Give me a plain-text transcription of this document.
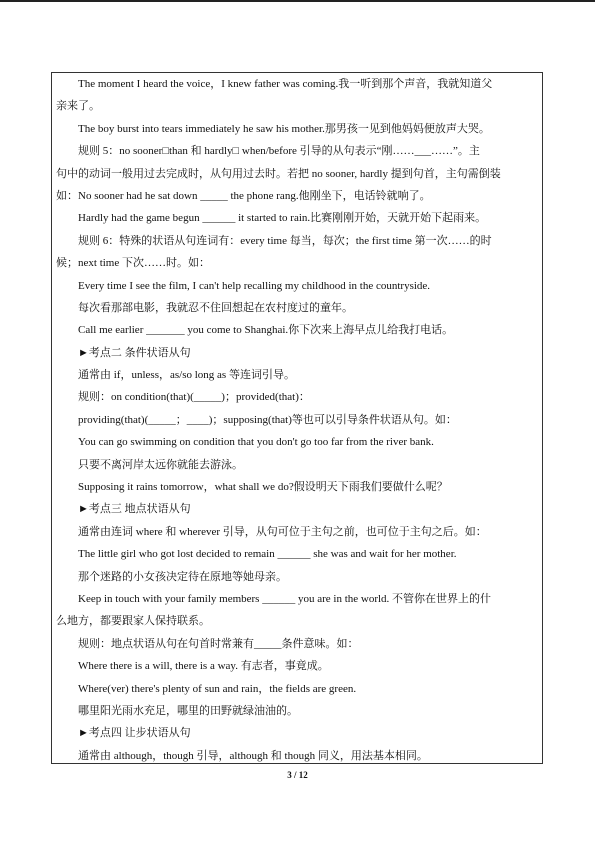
The moment I heard the voice，I knew father was coming.我一听到那个声音，我就知道父

亲来了。

The boy burst into tears immediately he saw his mother.那男孩一见到他妈妈便放声大哭。

规则 5：no sooner□than 和 hardly□ when/before 引导的从句表示“刚……___……”。主

句中的动词一般用过去完成时，从句用过去时。若把 no sooner, hardly 提到句首，主句需倒装

如：No sooner had he sat down _____ the phone rang.他刚坐下，电话铃就响了。

Hardly had the game begun ______ it started to rain.比赛刚刚开始，天就开始下起雨来。

规则 6：特殊的状语从句连词有：every time 每当，每次；the first time 第一次……的时

候；next time 下次……时。如：

Every time I see the film, I can't help recalling my childhood in the countryside.

每次看那部电影，我就忍不住回想起在农村度过的童年。

Call me earlier _______ you come to Shanghai.你下次来上海早点儿给我打电话。

►考点二 条件状语从句

通常由 if，unless，as/so long as 等连词引导。

规则：on condition(that)(_____)；provided(that)：

providing(that)(_____；____)；supposing(that)等也可以引导条件状语从句。如：

You can go swimming on condition that you don't go too far from the river bank.

只要不离河岸太远你就能去游泳。

Supposing it rains tomorrow，what shall we do?假设明天下雨我们要做什么呢？

►考点三 地点状语从句

通常由连词 where 和 wherever 引导，从句可位于主句之前，也可位于主句之后。如：

The little girl who got lost decided to remain ______ she was and wait for her mother.

那个迷路的小女孩决定待在原地等她母亲。

Keep in touch with your family members ______ you are in the world. 不管你在世界上的什

么地方，都要跟家人保持联系。

规则：地点状语从句在句首时常兼有_____条件意味。如：

Where there is a will, there is a way. 有志者，事竟成。

Where(ver) there's plenty of sun and rain，the fields are green.

哪里阳光雨水充足，哪里的田野就绿油油的。

►考点四 让步状语从句

通常由 although，though 引导，although 和 though 同义，用法基本相同。

3 / 12
